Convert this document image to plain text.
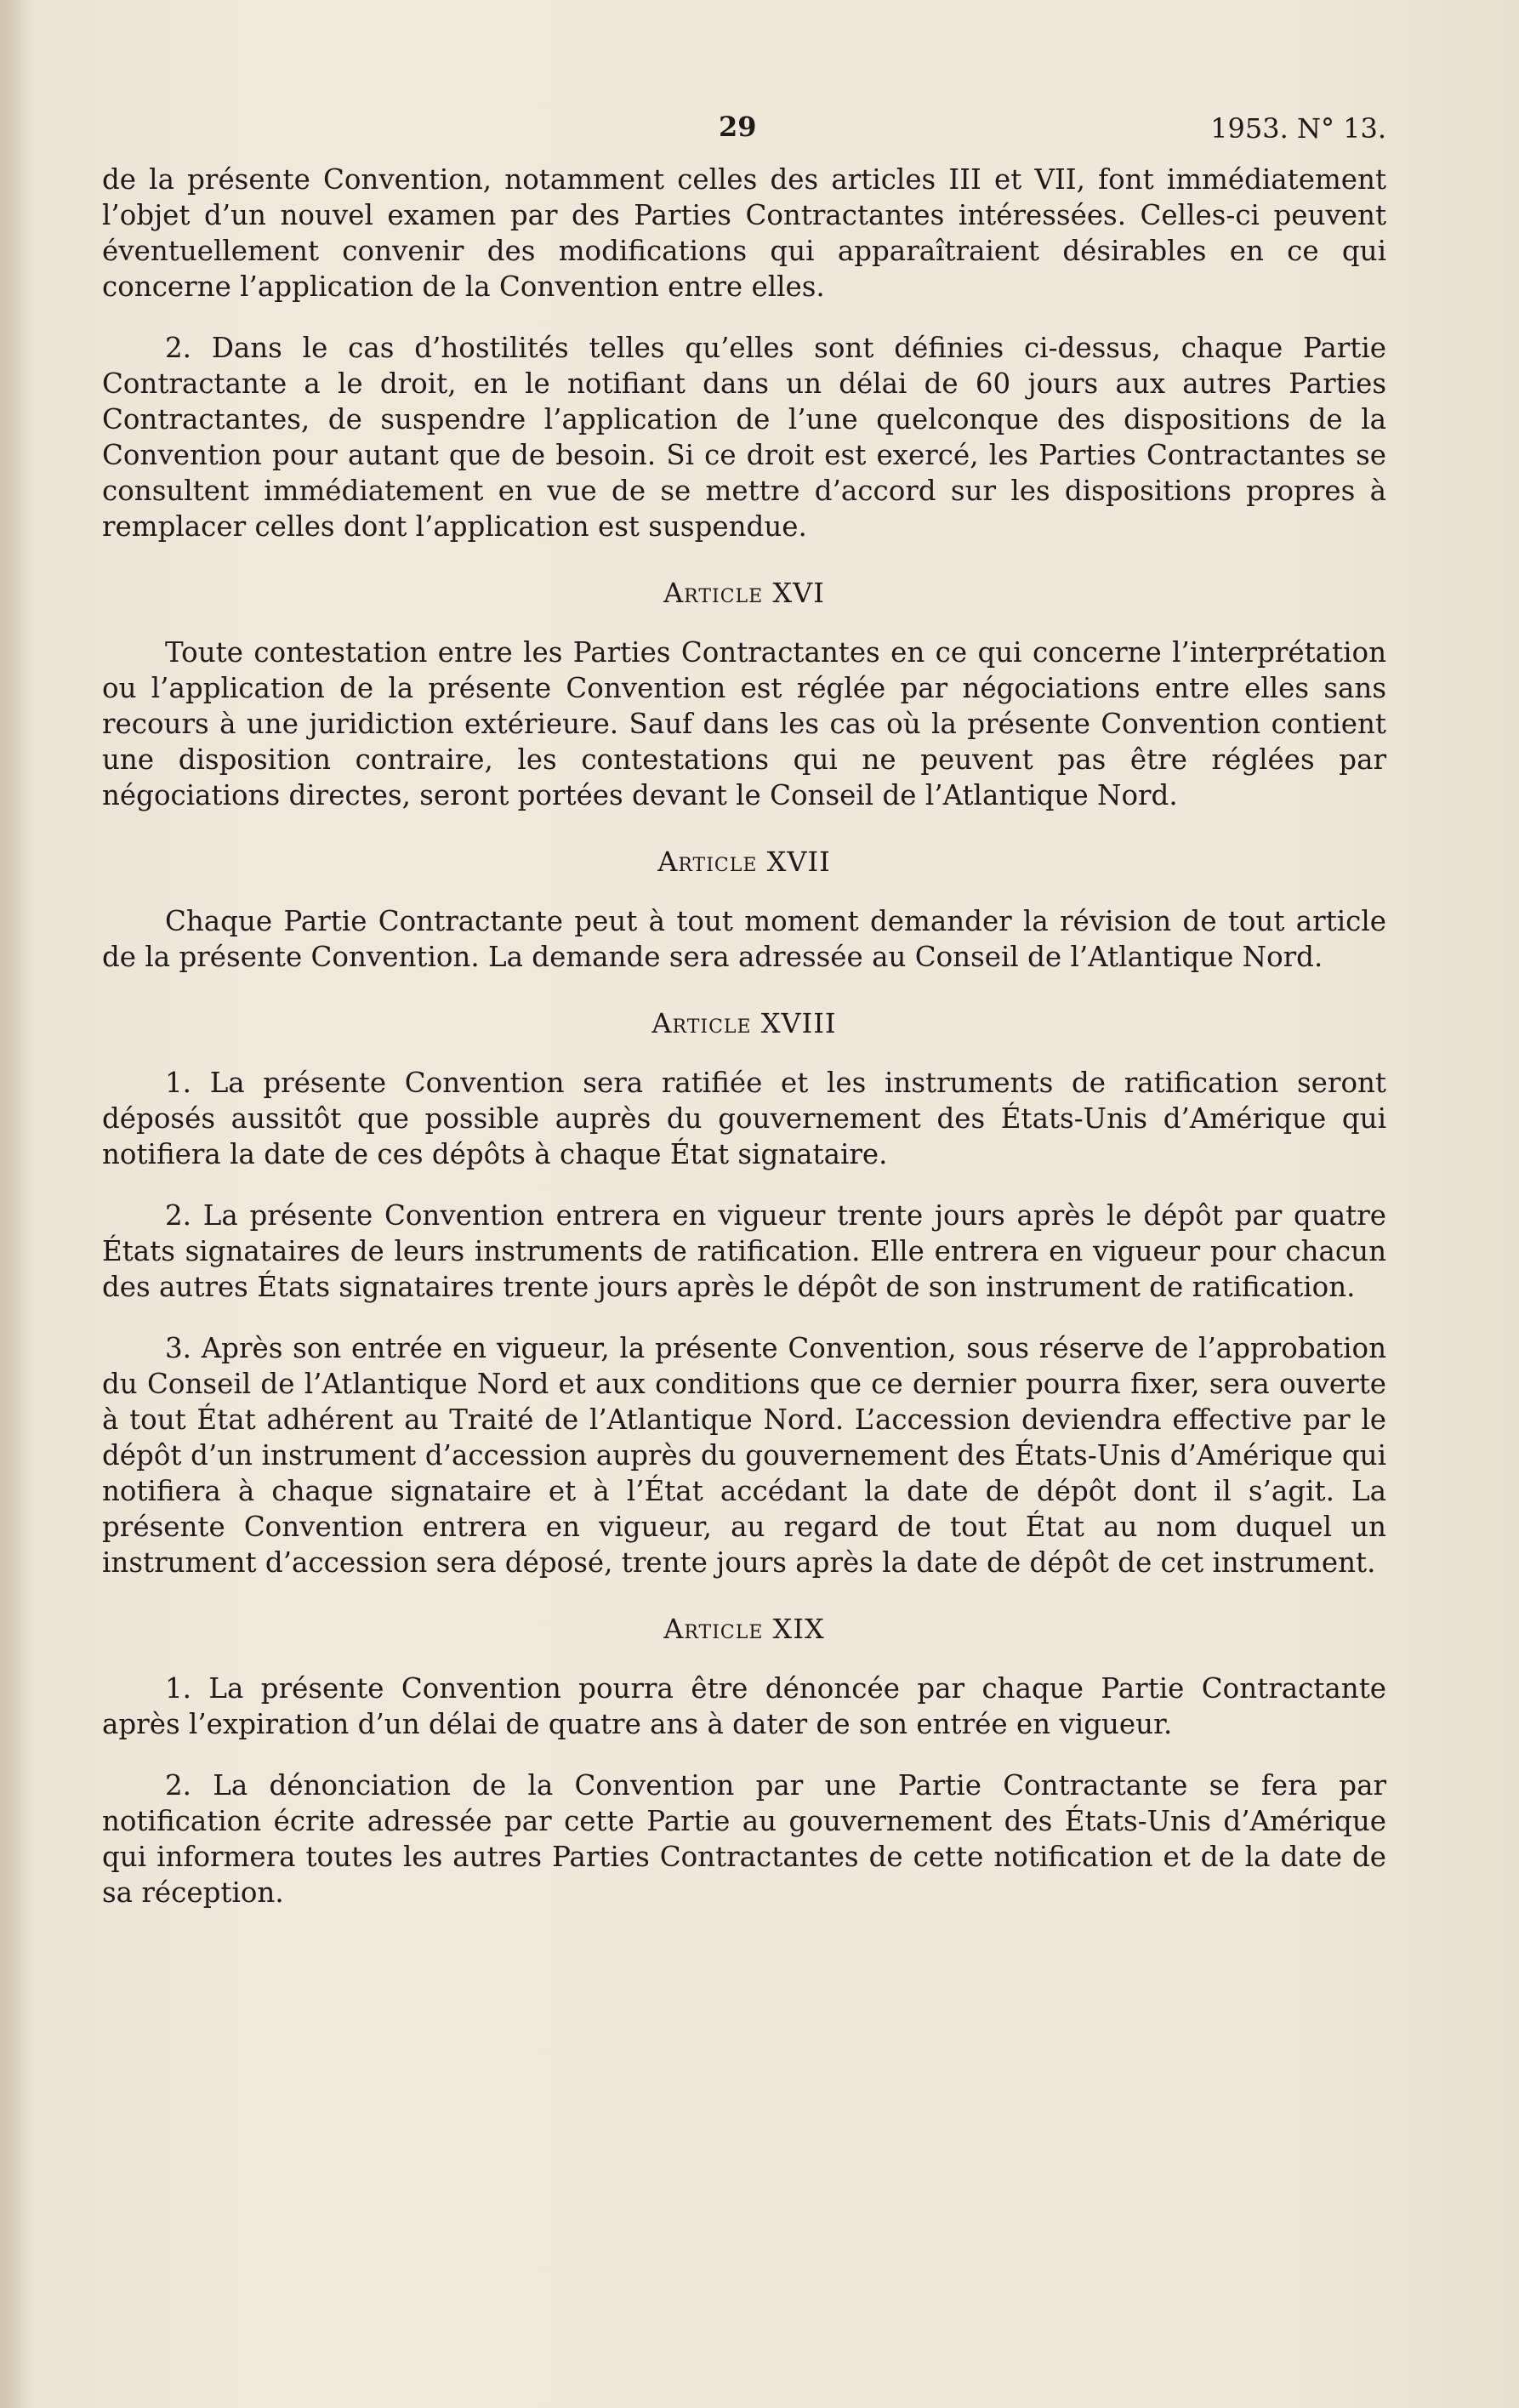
29	1953. N° 13.

de la présente Convention, notamment celles des articles III et VII, font immédiatement l’objet d’un nouvel examen par des Parties Contractantes intéressées. Celles-ci peuvent éventuellement convenir des modifications qui apparaîtraient désirables en ce qui concerne l’application de la Convention entre elles.

2. Dans le cas d’hostilités telles qu’elles sont définies ci-dessus, chaque Partie Contractante a le droit, en le notifiant dans un délai de 60 jours aux autres Parties Contractantes, de suspendre l’application de l’une quelconque des dispositions de la Convention pour autant que de besoin. Si ce droit est exercé, les Parties Contractantes se consultent immédiatement en vue de se mettre d’accord sur les dispositions propres à remplacer celles dont l’application est suspendue.

Article XVI

Toute contestation entre les Parties Contractantes en ce qui concerne l’interprétation ou l’application de la présente Convention est réglée par négociations entre elles sans recours à une juridiction extérieure. Sauf dans les cas où la présente Convention contient une disposition contraire, les contestations qui ne peuvent pas être réglées par négociations directes, seront portées devant le Conseil de l’Atlantique Nord.

Article XVII

Chaque Partie Contractante peut à tout moment demander la révision de tout article de la présente Convention. La demande sera adressée au Conseil de l’Atlantique Nord.

Article XVIII

1. La présente Convention sera ratifiée et les instruments de ratification seront déposés aussitôt que possible auprès du gouvernement des États-Unis d’Amérique qui notifiera la date de ces dépôts à chaque État signataire.

2. La présente Convention entrera en vigueur trente jours après le dépôt par quatre États signataires de leurs instruments de ratification. Elle entrera en vigueur pour chacun des autres États signataires trente jours après le dépôt de son instrument de ratification.

3. Après son entrée en vigueur, la présente Convention, sous réserve de l’approbation du Conseil de l’Atlantique Nord et aux conditions que ce dernier pourra fixer, sera ouverte à tout État adhérent au Traité de l’Atlantique Nord. L’accession deviendra effective par le dépôt d’un instrument d’accession auprès du gouvernement des États-Unis d’Amérique qui notifiera à chaque signataire et à l’État accédant la date de dépôt dont il s’agit. La présente Convention entrera en vigueur, au regard de tout État au nom duquel un instrument d’accession sera déposé, trente jours après la date de dépôt de cet instrument.

Article XIX

1. La présente Convention pourra être dénoncée par chaque Partie Contractante après l’expiration d’un délai de quatre ans à dater de son entrée en vigueur.

2. La dénonciation de la Convention par une Partie Contractante se fera par notification écrite adressée par cette Partie au gouvernement des États-Unis d’Amérique qui informera toutes les autres Parties Contractantes de cette notification et de la date de sa réception.
